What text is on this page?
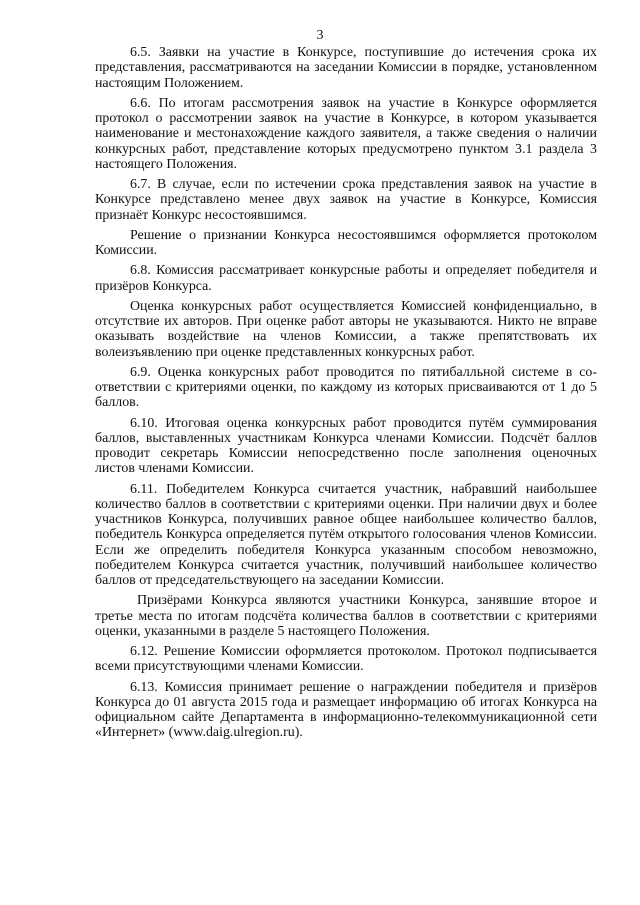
3

6.5. Заявки на участие в Конкурсе, поступившие до истечения срока их представления, рассматриваются на заседании Комиссии в порядке, установленном настоящим Положением.

6.6. По итогам рассмотрения заявок на участие в Конкурсе оформляется протокол о рассмотрении заявок на участие в Конкурсе, в котором указывается наименование и местонахождение каждого заявителя, а также сведения о наличии конкурсных работ, представление которых предусмотрено пунктом 3.1 раздела 3 настоящего Положения.

6.7. В случае, если по истечении срока представления заявок на участие в Конкурсе представлено менее двух заявок на участие в Конкурсе, Комиссия признаёт Конкурс несостоявшимся.

Решение о признании Конкурса несостоявшимся оформляется протоколом Комиссии.

6.8. Комиссия рассматривает конкурсные работы и определяет победителя и призёров Конкурса.

Оценка конкурсных работ осуществляется Комиссией конфиденциально, в отсутствие их авторов. При оценке работ авторы не указываются. Никто не вправе оказывать воздействие на членов Комиссии, а также препятствовать их волеизъявлению при оценке представленных конкурсных работ.

6.9. Оценка конкурсных работ проводится по пятибалльной системе в соответствии с критериями оценки, по каждому из которых присваиваются от 1 до 5 баллов.

6.10. Итоговая оценка конкурсных работ проводится путём суммирования баллов, выставленных участникам Конкурса членами Комиссии. Подсчёт баллов проводит секретарь Комиссии непосредственно после заполнения оценочных листов членами Комиссии.

6.11. Победителем Конкурса считается участник, набравший наибольшее количество баллов в соответствии с критериями оценки. При наличии двух и более участников Конкурса, получивших равное общее наибольшее количество баллов, победитель Конкурса определяется путём открытого голосования членов Комиссии. Если же определить победителя Конкурса указанным способом невозможно, победителем Конкурса считается участник, получивший наибольшее количество баллов от председательствующего на заседании Комиссии.

Призёрами Конкурса являются участники Конкурса, занявшие второе и третье места по итогам подсчёта количества баллов в соответствии с критериями оценки, указанными в разделе 5 настоящего Положения.

6.12. Решение Комиссии оформляется протоколом. Протокол подписывается всеми присутствующими членами Комиссии.

6.13. Комиссия принимает решение о награждении победителя и призёров Конкурса до 01 августа 2015 года и размещает информацию об итогах Конкурса на официальном сайте Департамента в информационно-телекоммуникационной сети «Интернет» (www.daig.ulregion.ru).
